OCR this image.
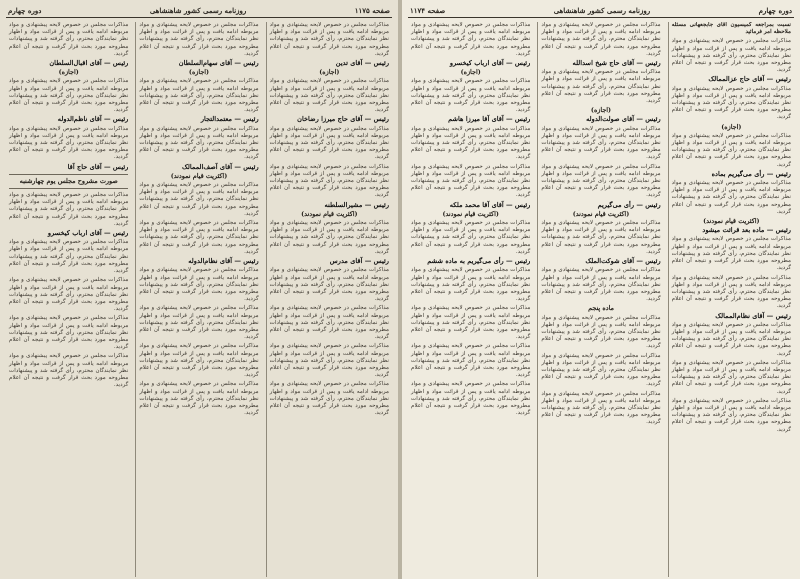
صفحه ۱۱۷۴	روزنامه رسمی کشور شاهنشاهی	دوره چهارم

نسبت بمراجعه کمیسیون آقای جابجعهانی مسئله ملاحظه امر فرمائید

مذاکرات مجلس در خصوص لایحه پیشنهادی و مواد مربوطه ادامه یافت و پس از قرائت مواد و اظهار نظر نمایندگان محترم، رأی گرفته شد و پیشنهادات مطروحه مورد بحث قرار گرفت و نتیجه آن اعلام گردید.

رئیس — آقای حاج عزالممالک

مذاکرات مجلس در خصوص لایحه پیشنهادی و مواد مربوطه ادامه یافت و پس از قرائت مواد و اظهار نظر نمایندگان محترم، رأی گرفته شد و پیشنهادات مطروحه مورد بحث قرار گرفت و نتیجه آن اعلام گردید.

(اجازه)

مذاکرات مجلس در خصوص لایحه پیشنهادی و مواد مربوطه ادامه یافت و پس از قرائت مواد و اظهار نظر نمایندگان محترم، رأی گرفته شد و پیشنهادات مطروحه مورد بحث قرار گرفت و نتیجه آن اعلام گردید.

رئیس — رأی می‌گیریم بماده

مذاکرات مجلس در خصوص لایحه پیشنهادی و مواد مربوطه ادامه یافت و پس از قرائت مواد و اظهار نظر نمایندگان محترم، رأی گرفته شد و پیشنهادات مطروحه مورد بحث قرار گرفت و نتیجه آن اعلام گردید.

(اکثریت قیام نمودند)

رئیس — ماده بعد قرائت میشود

مذاکرات مجلس در خصوص لایحه پیشنهادی و مواد مربوطه ادامه یافت و پس از قرائت مواد و اظهار نظر نمایندگان محترم، رأی گرفته شد و پیشنهادات مطروحه مورد بحث قرار گرفت و نتیجه آن اعلام گردید.

مذاکرات مجلس در خصوص لایحه پیشنهادی و مواد مربوطه ادامه یافت و پس از قرائت مواد و اظهار نظر نمایندگان محترم، رأی گرفته شد و پیشنهادات مطروحه مورد بحث قرار گرفت و نتیجه آن اعلام گردید.

رئیس — آقای نظام‌الممالک

مذاکرات مجلس در خصوص لایحه پیشنهادی و مواد مربوطه ادامه یافت و پس از قرائت مواد و اظهار نظر نمایندگان محترم، رأی گرفته شد و پیشنهادات مطروحه مورد بحث قرار گرفت و نتیجه آن اعلام گردید.

مذاکرات مجلس در خصوص لایحه پیشنهادی و مواد مربوطه ادامه یافت و پس از قرائت مواد و اظهار نظر نمایندگان محترم، رأی گرفته شد و پیشنهادات مطروحه مورد بحث قرار گرفت و نتیجه آن اعلام گردید.

مذاکرات مجلس در خصوص لایحه پیشنهادی و مواد مربوطه ادامه یافت و پس از قرائت مواد و اظهار نظر نمایندگان محترم، رأی گرفته شد و پیشنهادات مطروحه مورد بحث قرار گرفت و نتیجه آن اعلام گردید.

مذاکرات مجلس در خصوص لایحه پیشنهادی و مواد مربوطه ادامه یافت و پس از قرائت مواد و اظهار نظر نمایندگان محترم، رأی گرفته شد و پیشنهادات مطروحه مورد بحث قرار گرفت و نتیجه آن اعلام گردید.

رئیس — آقای حاج شیخ اسدالله

مذاکرات مجلس در خصوص لایحه پیشنهادی و مواد مربوطه ادامه یافت و پس از قرائت مواد و اظهار نظر نمایندگان محترم، رأی گرفته شد و پیشنهادات مطروحه مورد بحث قرار گرفت و نتیجه آن اعلام گردید.

(اجازه)

رئیس — آقای صولت‌الدوله

مذاکرات مجلس در خصوص لایحه پیشنهادی و مواد مربوطه ادامه یافت و پس از قرائت مواد و اظهار نظر نمایندگان محترم، رأی گرفته شد و پیشنهادات مطروحه مورد بحث قرار گرفت و نتیجه آن اعلام گردید.

مذاکرات مجلس در خصوص لایحه پیشنهادی و مواد مربوطه ادامه یافت و پس از قرائت مواد و اظهار نظر نمایندگان محترم، رأی گرفته شد و پیشنهادات مطروحه مورد بحث قرار گرفت و نتیجه آن اعلام گردید.

رئیس — رأی می‌گیریم

(اکثریت قیام نمودند)

مذاکرات مجلس در خصوص لایحه پیشنهادی و مواد مربوطه ادامه یافت و پس از قرائت مواد و اظهار نظر نمایندگان محترم، رأی گرفته شد و پیشنهادات مطروحه مورد بحث قرار گرفت و نتیجه آن اعلام گردید.

رئیس — آقای شوکت‌الملک

مذاکرات مجلس در خصوص لایحه پیشنهادی و مواد مربوطه ادامه یافت و پس از قرائت مواد و اظهار نظر نمایندگان محترم، رأی گرفته شد و پیشنهادات مطروحه مورد بحث قرار گرفت و نتیجه آن اعلام گردید.

ماده پنجم

مذاکرات مجلس در خصوص لایحه پیشنهادی و مواد مربوطه ادامه یافت و پس از قرائت مواد و اظهار نظر نمایندگان محترم، رأی گرفته شد و پیشنهادات مطروحه مورد بحث قرار گرفت و نتیجه آن اعلام گردید.

مذاکرات مجلس در خصوص لایحه پیشنهادی و مواد مربوطه ادامه یافت و پس از قرائت مواد و اظهار نظر نمایندگان محترم، رأی گرفته شد و پیشنهادات مطروحه مورد بحث قرار گرفت و نتیجه آن اعلام گردید.

مذاکرات مجلس در خصوص لایحه پیشنهادی و مواد مربوطه ادامه یافت و پس از قرائت مواد و اظهار نظر نمایندگان محترم، رأی گرفته شد و پیشنهادات مطروحه مورد بحث قرار گرفت و نتیجه آن اعلام گردید.

مذاکرات مجلس در خصوص لایحه پیشنهادی و مواد مربوطه ادامه یافت و پس از قرائت مواد و اظهار نظر نمایندگان محترم، رأی گرفته شد و پیشنهادات مطروحه مورد بحث قرار گرفت و نتیجه آن اعلام گردید.

رئیس — آقای ارباب کیخسرو

(اجازه)

مذاکرات مجلس در خصوص لایحه پیشنهادی و مواد مربوطه ادامه یافت و پس از قرائت مواد و اظهار نظر نمایندگان محترم، رأی گرفته شد و پیشنهادات مطروحه مورد بحث قرار گرفت و نتیجه آن اعلام گردید.

رئیس — آقای آقا میرزا هاشم

مذاکرات مجلس در خصوص لایحه پیشنهادی و مواد مربوطه ادامه یافت و پس از قرائت مواد و اظهار نظر نمایندگان محترم، رأی گرفته شد و پیشنهادات مطروحه مورد بحث قرار گرفت و نتیجه آن اعلام گردید.

مذاکرات مجلس در خصوص لایحه پیشنهادی و مواد مربوطه ادامه یافت و پس از قرائت مواد و اظهار نظر نمایندگان محترم، رأی گرفته شد و پیشنهادات مطروحه مورد بحث قرار گرفت و نتیجه آن اعلام گردید.

رئیس — آقای آقا محمد ملکه

(اکثریت قیام نمودند)

مذاکرات مجلس در خصوص لایحه پیشنهادی و مواد مربوطه ادامه یافت و پس از قرائت مواد و اظهار نظر نمایندگان محترم، رأی گرفته شد و پیشنهادات مطروحه مورد بحث قرار گرفت و نتیجه آن اعلام گردید.

رئیس — رأی می‌گیریم به ماده ششم

مذاکرات مجلس در خصوص لایحه پیشنهادی و مواد مربوطه ادامه یافت و پس از قرائت مواد و اظهار نظر نمایندگان محترم، رأی گرفته شد و پیشنهادات مطروحه مورد بحث قرار گرفت و نتیجه آن اعلام گردید.

مذاکرات مجلس در خصوص لایحه پیشنهادی و مواد مربوطه ادامه یافت و پس از قرائت مواد و اظهار نظر نمایندگان محترم، رأی گرفته شد و پیشنهادات مطروحه مورد بحث قرار گرفت و نتیجه آن اعلام گردید.

مذاکرات مجلس در خصوص لایحه پیشنهادی و مواد مربوطه ادامه یافت و پس از قرائت مواد و اظهار نظر نمایندگان محترم، رأی گرفته شد و پیشنهادات مطروحه مورد بحث قرار گرفت و نتیجه آن اعلام گردید.

مذاکرات مجلس در خصوص لایحه پیشنهادی و مواد مربوطه ادامه یافت و پس از قرائت مواد و اظهار نظر نمایندگان محترم، رأی گرفته شد و پیشنهادات مطروحه مورد بحث قرار گرفت و نتیجه آن اعلام گردید.

دوره چهارم	روزنامه رسمی کشور شاهنشاهی	صفحه ۱۱۷۵

مذاکرات مجلس در خصوص لایحه پیشنهادی و مواد مربوطه ادامه یافت و پس از قرائت مواد و اظهار نظر نمایندگان محترم، رأی گرفته شد و پیشنهادات مطروحه مورد بحث قرار گرفت و نتیجه آن اعلام گردید.

رئیس — آقای تدین

(اجازه)

مذاکرات مجلس در خصوص لایحه پیشنهادی و مواد مربوطه ادامه یافت و پس از قرائت مواد و اظهار نظر نمایندگان محترم، رأی گرفته شد و پیشنهادات مطروحه مورد بحث قرار گرفت و نتیجه آن اعلام گردید.

رئیس — آقای حاج میرزا رضاخان

مذاکرات مجلس در خصوص لایحه پیشنهادی و مواد مربوطه ادامه یافت و پس از قرائت مواد و اظهار نظر نمایندگان محترم، رأی گرفته شد و پیشنهادات مطروحه مورد بحث قرار گرفت و نتیجه آن اعلام گردید.

مذاکرات مجلس در خصوص لایحه پیشنهادی و مواد مربوطه ادامه یافت و پس از قرائت مواد و اظهار نظر نمایندگان محترم، رأی گرفته شد و پیشنهادات مطروحه مورد بحث قرار گرفت و نتیجه آن اعلام گردید.

رئیس — مشیرالسلطنه

(اکثریت قیام نمودند)

مذاکرات مجلس در خصوص لایحه پیشنهادی و مواد مربوطه ادامه یافت و پس از قرائت مواد و اظهار نظر نمایندگان محترم، رأی گرفته شد و پیشنهادات مطروحه مورد بحث قرار گرفت و نتیجه آن اعلام گردید.

رئیس — آقای مدرس

مذاکرات مجلس در خصوص لایحه پیشنهادی و مواد مربوطه ادامه یافت و پس از قرائت مواد و اظهار نظر نمایندگان محترم، رأی گرفته شد و پیشنهادات مطروحه مورد بحث قرار گرفت و نتیجه آن اعلام گردید.

مذاکرات مجلس در خصوص لایحه پیشنهادی و مواد مربوطه ادامه یافت و پس از قرائت مواد و اظهار نظر نمایندگان محترم، رأی گرفته شد و پیشنهادات مطروحه مورد بحث قرار گرفت و نتیجه آن اعلام گردید.

مذاکرات مجلس در خصوص لایحه پیشنهادی و مواد مربوطه ادامه یافت و پس از قرائت مواد و اظهار نظر نمایندگان محترم، رأی گرفته شد و پیشنهادات مطروحه مورد بحث قرار گرفت و نتیجه آن اعلام گردید.

مذاکرات مجلس در خصوص لایحه پیشنهادی و مواد مربوطه ادامه یافت و پس از قرائت مواد و اظهار نظر نمایندگان محترم، رأی گرفته شد و پیشنهادات مطروحه مورد بحث قرار گرفت و نتیجه آن اعلام گردید.

مذاکرات مجلس در خصوص لایحه پیشنهادی و مواد مربوطه ادامه یافت و پس از قرائت مواد و اظهار نظر نمایندگان محترم، رأی گرفته شد و پیشنهادات مطروحه مورد بحث قرار گرفت و نتیجه آن اعلام گردید.

رئیس — آقای سهام‌السلطان

(اجازه)

مذاکرات مجلس در خصوص لایحه پیشنهادی و مواد مربوطه ادامه یافت و پس از قرائت مواد و اظهار نظر نمایندگان محترم، رأی گرفته شد و پیشنهادات مطروحه مورد بحث قرار گرفت و نتیجه آن اعلام گردید.

رئیس — معتمدالتجار

مذاکرات مجلس در خصوص لایحه پیشنهادی و مواد مربوطه ادامه یافت و پس از قرائت مواد و اظهار نظر نمایندگان محترم، رأی گرفته شد و پیشنهادات مطروحه مورد بحث قرار گرفت و نتیجه آن اعلام گردید.

رئیس — آقای آصف‌الممالک

(اکثریت قیام نمودند)

مذاکرات مجلس در خصوص لایحه پیشنهادی و مواد مربوطه ادامه یافت و پس از قرائت مواد و اظهار نظر نمایندگان محترم، رأی گرفته شد و پیشنهادات مطروحه مورد بحث قرار گرفت و نتیجه آن اعلام گردید.

مذاکرات مجلس در خصوص لایحه پیشنهادی و مواد مربوطه ادامه یافت و پس از قرائت مواد و اظهار نظر نمایندگان محترم، رأی گرفته شد و پیشنهادات مطروحه مورد بحث قرار گرفت و نتیجه آن اعلام گردید.

رئیس — آقای نظام‌الدوله

مذاکرات مجلس در خصوص لایحه پیشنهادی و مواد مربوطه ادامه یافت و پس از قرائت مواد و اظهار نظر نمایندگان محترم، رأی گرفته شد و پیشنهادات مطروحه مورد بحث قرار گرفت و نتیجه آن اعلام گردید.

مذاکرات مجلس در خصوص لایحه پیشنهادی و مواد مربوطه ادامه یافت و پس از قرائت مواد و اظهار نظر نمایندگان محترم، رأی گرفته شد و پیشنهادات مطروحه مورد بحث قرار گرفت و نتیجه آن اعلام گردید.

مذاکرات مجلس در خصوص لایحه پیشنهادی و مواد مربوطه ادامه یافت و پس از قرائت مواد و اظهار نظر نمایندگان محترم، رأی گرفته شد و پیشنهادات مطروحه مورد بحث قرار گرفت و نتیجه آن اعلام گردید.

مذاکرات مجلس در خصوص لایحه پیشنهادی و مواد مربوطه ادامه یافت و پس از قرائت مواد و اظهار نظر نمایندگان محترم، رأی گرفته شد و پیشنهادات مطروحه مورد بحث قرار گرفت و نتیجه آن اعلام گردید.

مذاکرات مجلس در خصوص لایحه پیشنهادی و مواد مربوطه ادامه یافت و پس از قرائت مواد و اظهار نظر نمایندگان محترم، رأی گرفته شد و پیشنهادات مطروحه مورد بحث قرار گرفت و نتیجه آن اعلام گردید.

رئیس — آقای اقبال‌السلطان

(اجازه)

مذاکرات مجلس در خصوص لایحه پیشنهادی و مواد مربوطه ادامه یافت و پس از قرائت مواد و اظهار نظر نمایندگان محترم، رأی گرفته شد و پیشنهادات مطروحه مورد بحث قرار گرفت و نتیجه آن اعلام گردید.

رئیس — آقای ناظم‌الدوله

مذاکرات مجلس در خصوص لایحه پیشنهادی و مواد مربوطه ادامه یافت و پس از قرائت مواد و اظهار نظر نمایندگان محترم، رأی گرفته شد و پیشنهادات مطروحه مورد بحث قرار گرفت و نتیجه آن اعلام گردید.

رئیس — آقای حاج آقا

صورت مشروح مجلس یوم چهارشنبه

مذاکرات مجلس در خصوص لایحه پیشنهادی و مواد مربوطه ادامه یافت و پس از قرائت مواد و اظهار نظر نمایندگان محترم، رأی گرفته شد و پیشنهادات مطروحه مورد بحث قرار گرفت و نتیجه آن اعلام گردید.

رئیس — آقای ارباب کیخسرو

مذاکرات مجلس در خصوص لایحه پیشنهادی و مواد مربوطه ادامه یافت و پس از قرائت مواد و اظهار نظر نمایندگان محترم، رأی گرفته شد و پیشنهادات مطروحه مورد بحث قرار گرفت و نتیجه آن اعلام گردید.

مذاکرات مجلس در خصوص لایحه پیشنهادی و مواد مربوطه ادامه یافت و پس از قرائت مواد و اظهار نظر نمایندگان محترم، رأی گرفته شد و پیشنهادات مطروحه مورد بحث قرار گرفت و نتیجه آن اعلام گردید.

مذاکرات مجلس در خصوص لایحه پیشنهادی و مواد مربوطه ادامه یافت و پس از قرائت مواد و اظهار نظر نمایندگان محترم، رأی گرفته شد و پیشنهادات مطروحه مورد بحث قرار گرفت و نتیجه آن اعلام گردید.

مذاکرات مجلس در خصوص لایحه پیشنهادی و مواد مربوطه ادامه یافت و پس از قرائت مواد و اظهار نظر نمایندگان محترم، رأی گرفته شد و پیشنهادات مطروحه مورد بحث قرار گرفت و نتیجه آن اعلام گردید.
